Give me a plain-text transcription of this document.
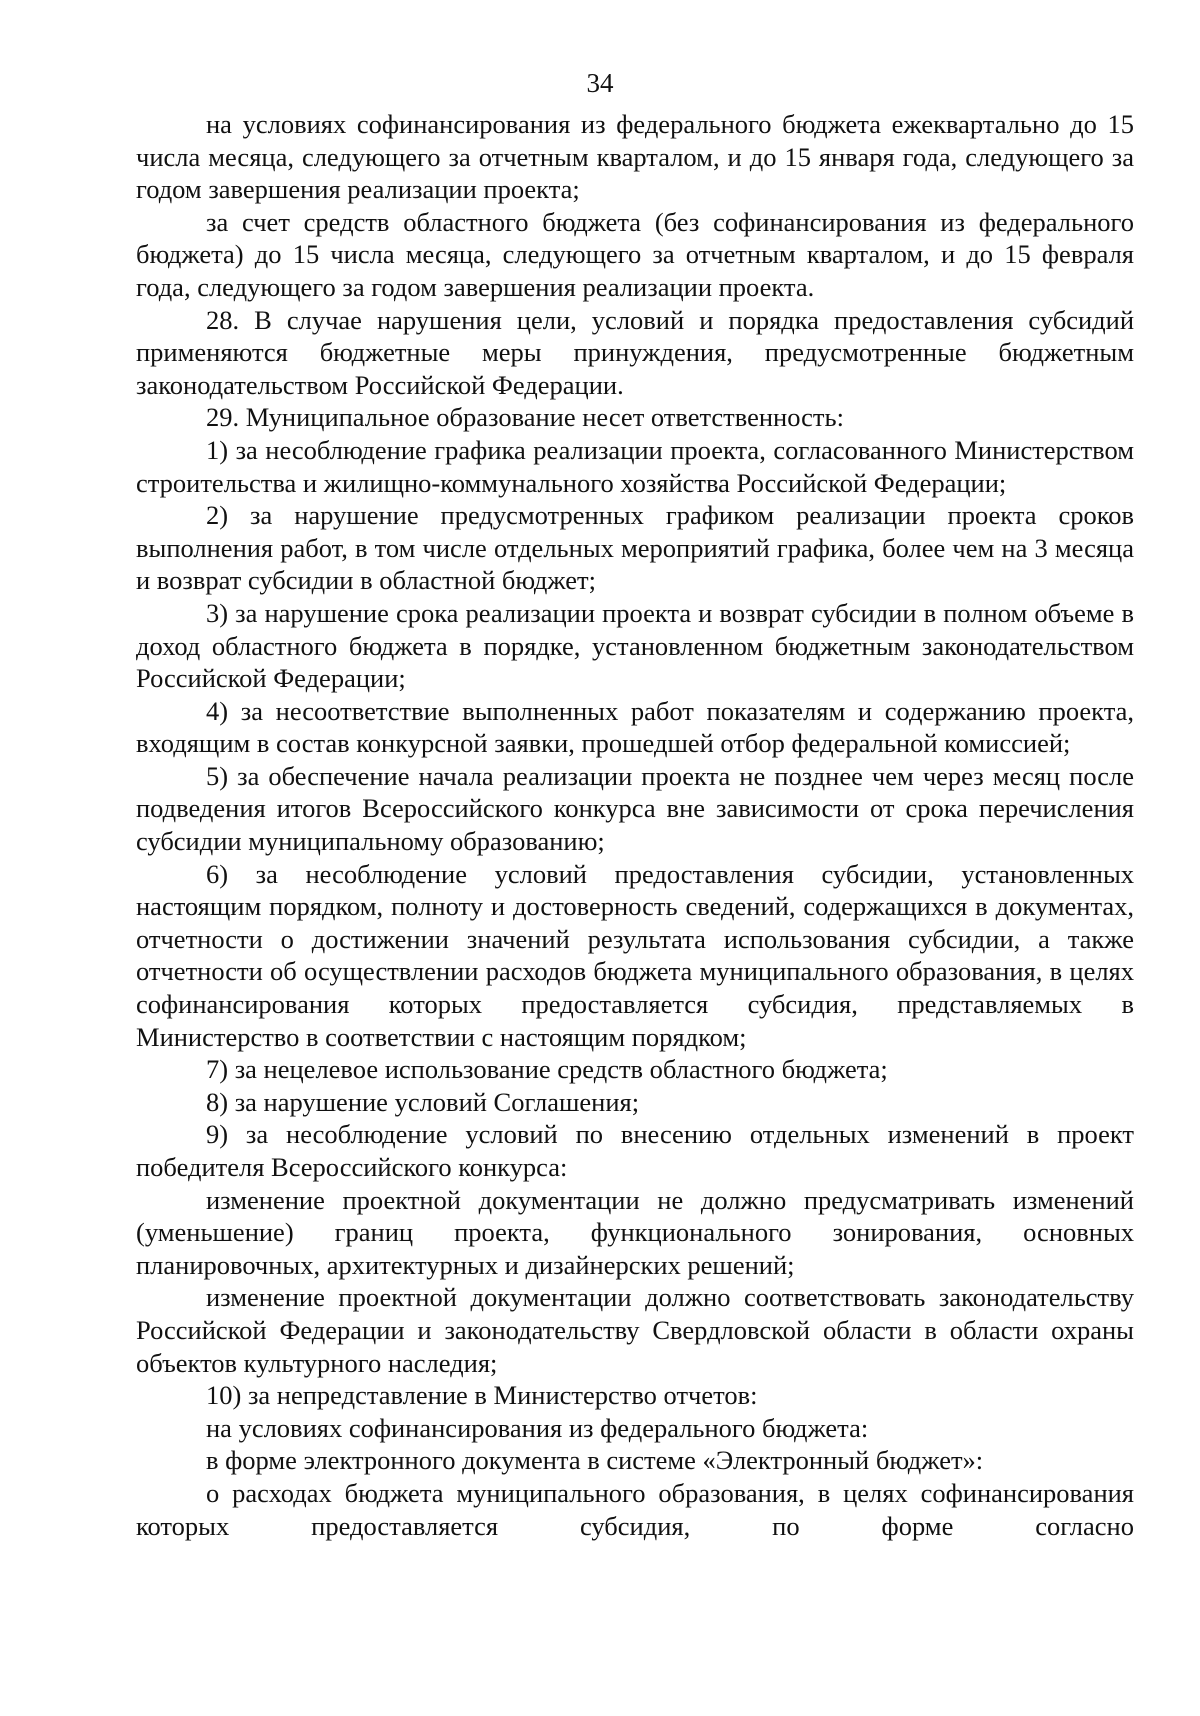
34

на условиях софинансирования из федерального бюджета ежеквартально до 15 числа месяца, следующего за отчетным кварталом, и до 15 января года, следующего за годом завершения реализации проекта;

за счет средств областного бюджета (без софинансирования из федерального бюджета) до 15 числа месяца, следующего за отчетным кварталом, и до 15 февраля года, следующего за годом завершения реализации проекта.

28. В случае нарушения цели, условий и порядка предоставления субсидий применяются бюджетные меры принуждения, предусмотренные бюджетным законодательством Российской Федерации.

29. Муниципальное образование несет ответственность:

1) за несоблюдение графика реализации проекта, согласованного Министерством строительства и жилищно-коммунального хозяйства Российской Федерации;

2) за нарушение предусмотренных графиком реализации проекта сроков выполнения работ, в том числе отдельных мероприятий графика, более чем на 3 месяца и возврат субсидии в областной бюджет;

3) за нарушение срока реализации проекта и возврат субсидии в полном объеме в доход областного бюджета в порядке, установленном бюджетным законодательством Российской Федерации;

4) за несоответствие выполненных работ показателям и содержанию проекта, входящим в состав конкурсной заявки, прошедшей отбор федеральной комиссией;

5) за обеспечение начала реализации проекта не позднее чем через месяц после подведения итогов Всероссийского конкурса вне зависимости от срока перечисления субсидии муниципальному образованию;

6) за несоблюдение условий предоставления субсидии, установленных настоящим порядком, полноту и достоверность сведений, содержащихся в документах, отчетности о достижении значений результата использования субсидии, а также отчетности об осуществлении расходов бюджета муниципального образования, в целях софинансирования которых предоставляется субсидия, представляемых в Министерство в соответствии с настоящим порядком;

7) за нецелевое использование средств областного бюджета;

8) за нарушение условий Соглашения;

9) за несоблюдение условий по внесению отдельных изменений в проект победителя Всероссийского конкурса:

изменение проектной документации не должно предусматривать изменений (уменьшение) границ проекта, функционального зонирования, основных планировочных, архитектурных и дизайнерских решений;

изменение проектной документации должно соответствовать законодательству Российской Федерации и законодательству Свердловской области в области охраны объектов культурного наследия;

10) за непредставление в Министерство отчетов:

на условиях софинансирования из федерального бюджета:

в форме электронного документа в системе «Электронный бюджет»:

о расходах бюджета муниципального образования, в целях софинансирования которых предоставляется субсидия, по форме согласно
